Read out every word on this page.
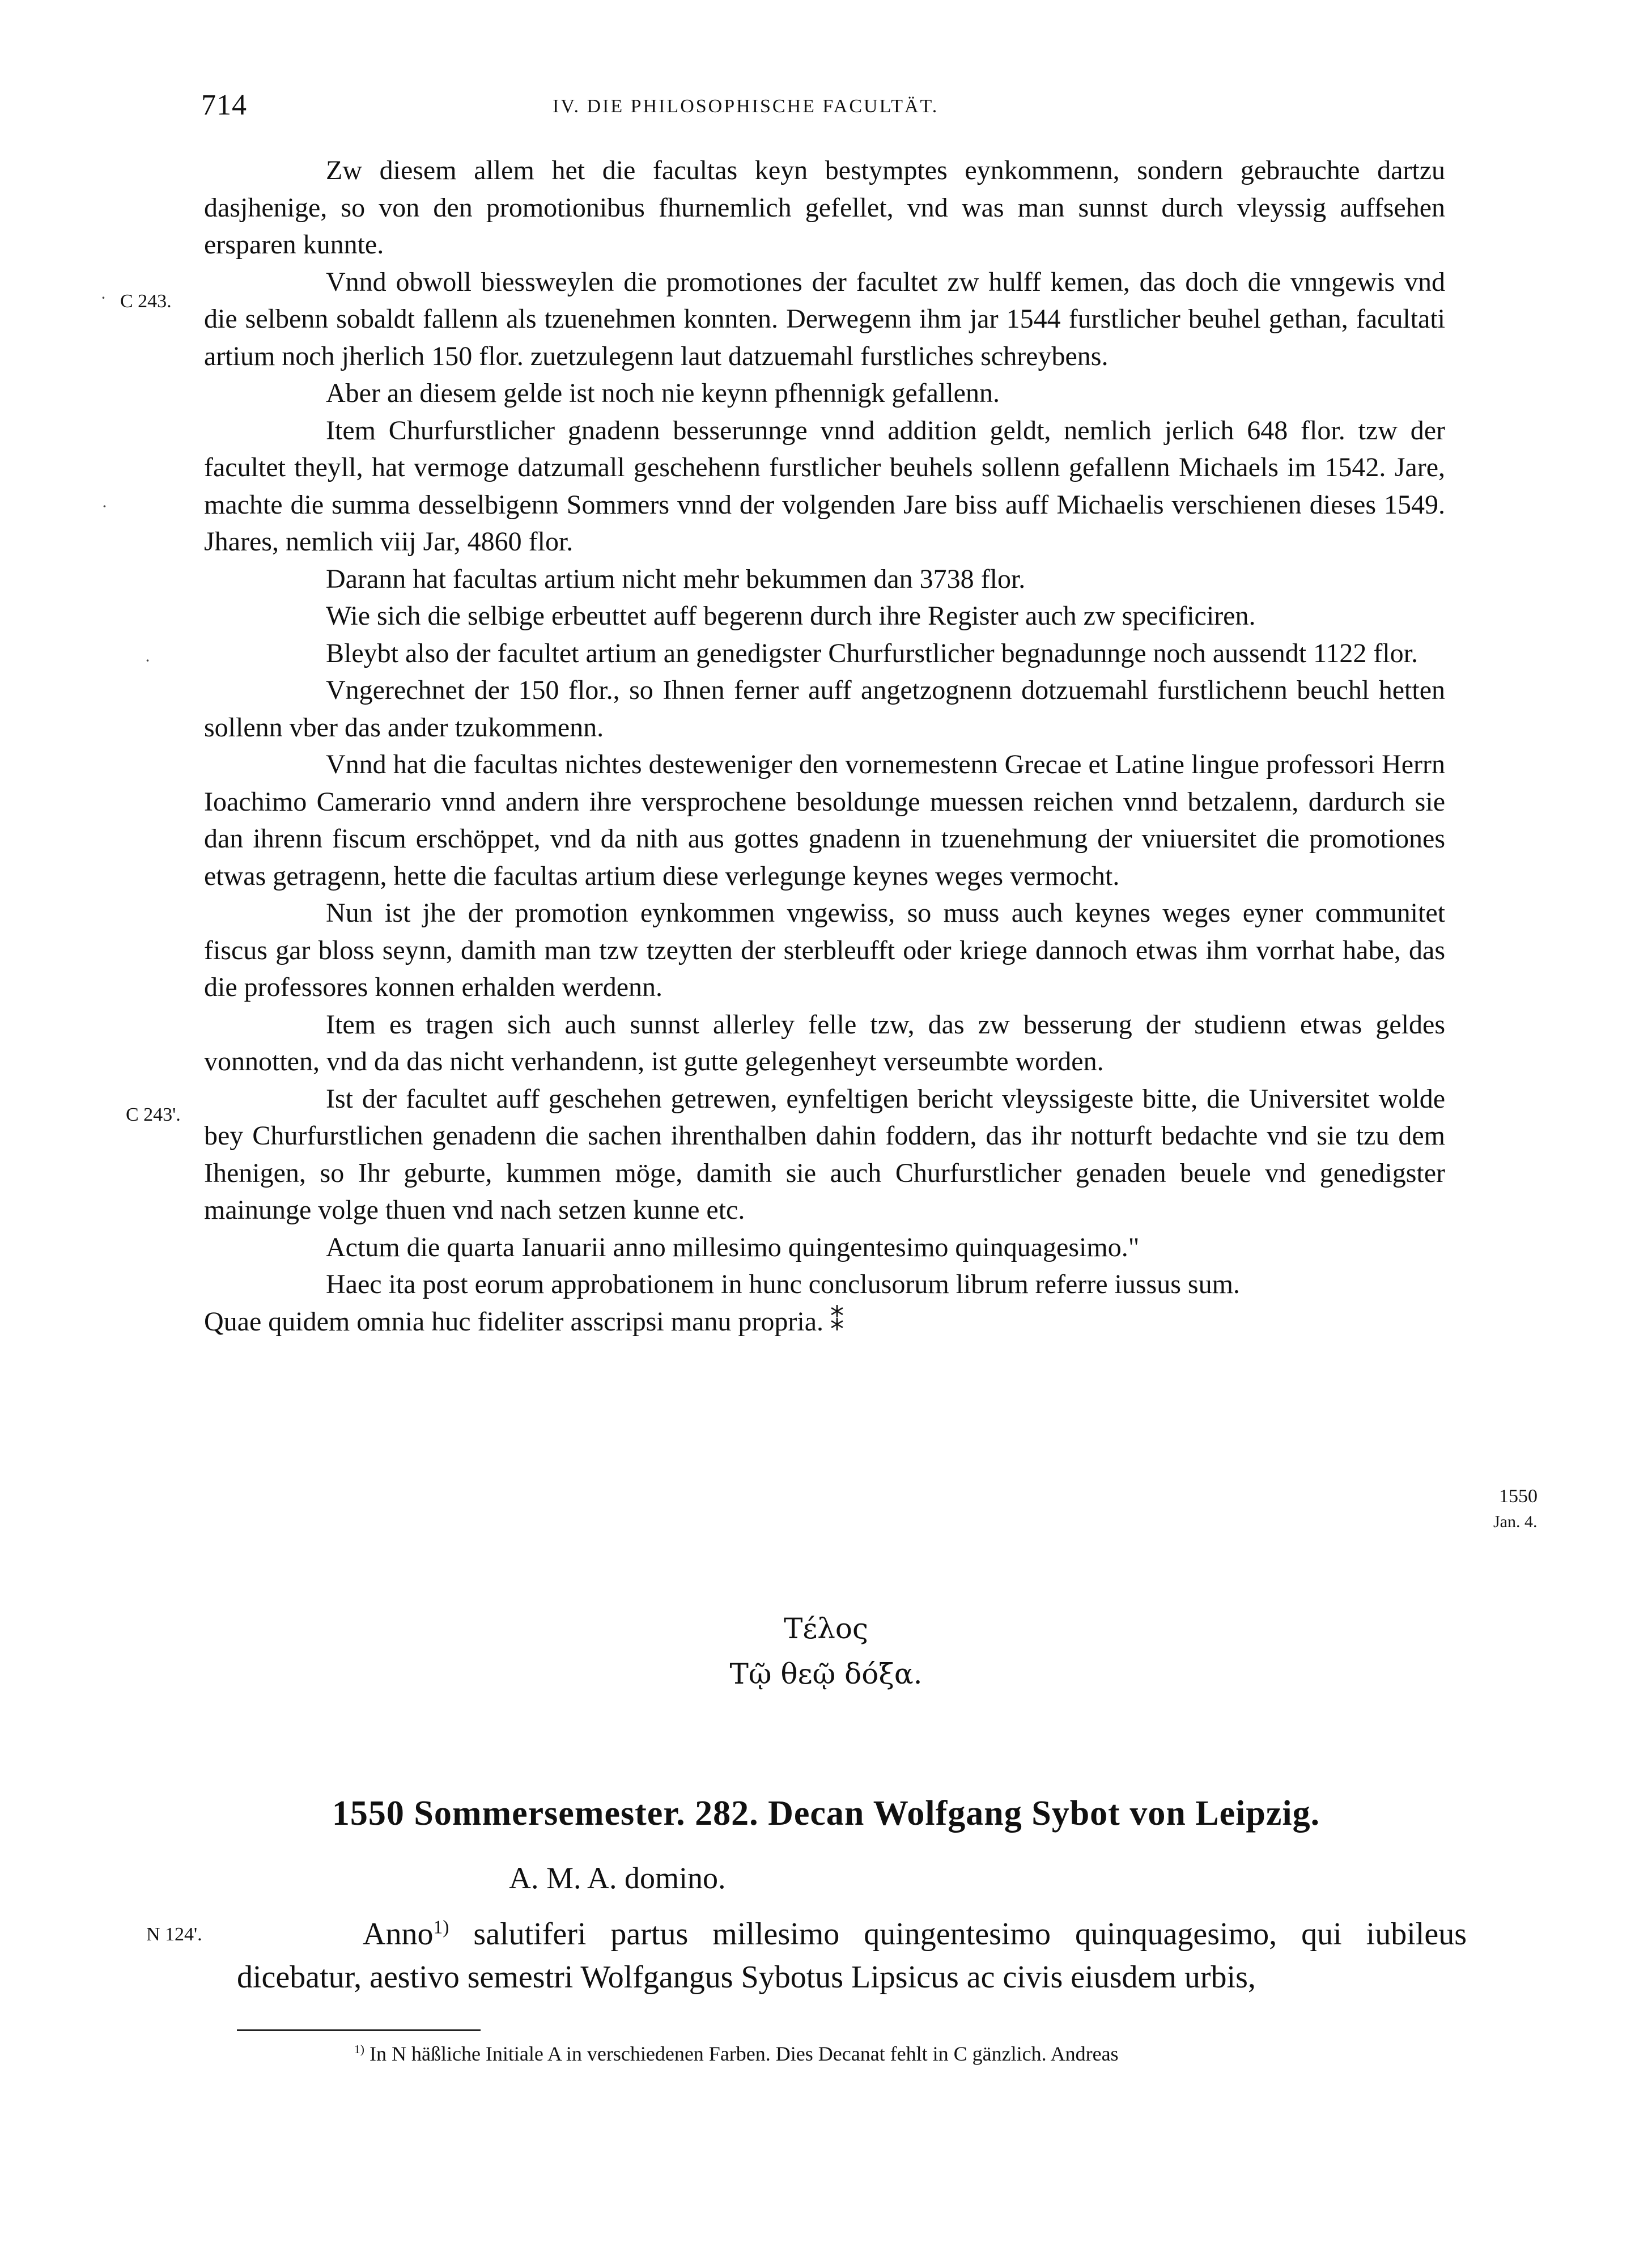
714	IV. DIE PHILOSOPHISCHE FACULTÄT.
C 243.
C 243'.
1550
Jan. 4.
N 124'.
·
·
·

Zw diesem allem het die facultas keyn bestymptes eynkommenn, sondern gebrauchte dartzu dasjhenige, so von den promotionibus fhurnemlich gefellet, vnd was man sunnst durch vleyssig auffsehen ersparen kunnte.

Vnnd obwoll biessweylen die promotiones der facultet zw hulff kemen, das doch die vnngewis vnd die selbenn sobaldt fallenn als tzuenehmen konnten. Derwegenn ihm jar 1544 furstlicher beuhel gethan, facultati artium noch jherlich 150 flor. zuetzulegenn laut datzuemahl furstliches schreybens.

Aber an diesem gelde ist noch nie keynn pfhennigk gefallenn.

Item Churfurstlicher gnadenn besserunnge vnnd addition geldt, nemlich jerlich 648 flor. tzw der facultet theyll, hat vermoge datzumall geschehenn furstlicher beuhels sollenn gefallenn Michaels im 1542. Jare, machte die summa desselbigenn Sommers vnnd der volgenden Jare biss auff Michaelis verschienen dieses 1549. Jhares, nemlich viij Jar, 4860 flor.

Darann hat facultas artium nicht mehr bekummen dan 3738 flor.

Wie sich die selbige erbeuttet auff begerenn durch ihre Register auch zw specificiren.

Bleybt also der facultet artium an genedigster Churfurstlicher begnadunnge noch aussendt 1122 flor.

Vngerechnet der 150 flor., so Ihnen ferner auff angetzognenn dotzuemahl furstlichenn beuchl hetten sollenn vber das ander tzukommenn.

Vnnd hat die facultas nichtes desteweniger den vornemestenn Grecae et Latine lingue professori Herrn Ioachimo Camerario vnnd andern ihre versprochene besoldunge muessen reichen vnnd betzalenn, dardurch sie dan ihrenn fiscum erschöppet, vnd da nith aus gottes gnadenn in tzuenehmung der vniuersitet die promotiones etwas getragenn, hette die facultas artium diese verlegunge keynes weges vermocht.

Nun ist jhe der promotion eynkommen vngewiss, so muss auch keynes weges eyner communitet fiscus gar bloss seynn, damith man tzw tzeytten der sterbleufft oder kriege dannoch etwas ihm vorrhat habe, das die professores konnen erhalden werdenn.

Item es tragen sich auch sunnst allerley felle tzw, das zw besserung der studienn etwas geldes vonnotten, vnd da das nicht verhandenn, ist gutte gelegenheyt verseumbte worden.

Ist der facultet auff geschehen getrewen, eynfeltigen bericht vleyssigeste bitte, die Universitet wolde bey Churfurstlichen genadenn die sachen ihrenthalben dahin foddern, das ihr notturft bedachte vnd sie tzu dem Ihenigen, so Ihr geburte, kummen möge, damith sie auch Churfurstlicher genaden beuele vnd genedigster mainunge volge thuen vnd nach setzen kunne etc.

Actum die quarta Ianuarii anno millesimo quingentesimo quinquagesimo."

Haec ita post eorum approbationem in hunc conclusorum librum referre iussus sum.

Quae quidem omnia huc fideliter asscripsi manu propria. ⁑

Τέλος
Τῷ θεῷ δόξα.
1550 Sommersemester. 282. Decan Wolfgang Sybot von Leipzig.
A. M. A. domino.

Anno$^{1)}$ salutiferi partus millesimo quingentesimo quinquagesimo, qui iubileus dicebatur, aestivo semestri Wolfgangus Sybotus Lipsicus ac civis eiusdem urbis,

$^{1)}$ In N häßliche Initiale A in verschiedenen Farben. Dies Decanat fehlt in C gänzlich. Andreas
